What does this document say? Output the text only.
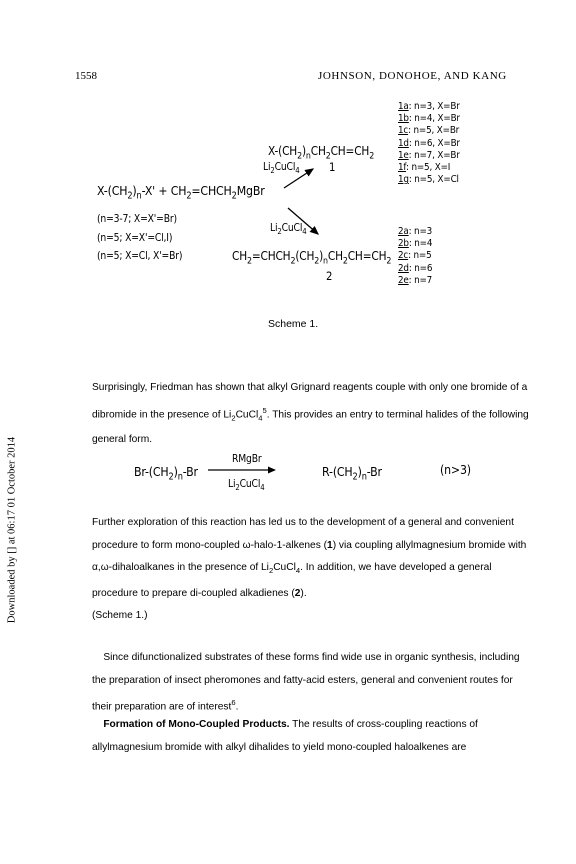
1558	JOHNSON, DONOHOE, AND KANG
Downloaded by [] at 06:17 01 October 2014
$X-(CH_2)_nCH_2CH=CH_2$
$Li_2CuCl_4$	1
$X-(CH_2)_n-X'$ + $CH_2=CHCH_2MgBr$
(n=3-7; X=X'=Br)
(n=5; X=X'=Cl,I)
(n=5; X=Cl, X'=Br)
$Li_2CuCl_4$
$CH_2=CHCH_2(CH_2)_nCH_2CH=CH_2$
2
1a: n=3, X=Br
1b: n=4, X=Br
1c: n=5, X=Br
1d: n=6, X=Br
1e: n=7, X=Br
1f: n=5, X=I
1g: n=5, X=Cl
2a: n=3
2b: n=4
2c: n=5
2d: n=6
2e: n=7
Scheme 1.

Surprisingly, Friedman has shown that alkyl Grignard reagents couple with only one bromide of a dibromide in the presence of $Li_2CuCl_4^5$. This provides an entry to terminal halides of the following general form.

$Br-(CH_2)_n-Br$
RMgBr
$Li_2CuCl_4$
$R-(CH_2)_n-Br$	(n>3)

Further exploration of this reaction has led us to the development of a general and convenient procedure to form mono-coupled ω-halo-1-alkenes (1) via coupling allylmagnesium bromide with α,ω-dihaloalkanes in the presence of $Li_2CuCl_4$. In addition, we have developed a general procedure to prepare di-coupled alkadienes (2).

(Scheme 1.)

Since difunctionalized substrates of these forms find wide use in organic synthesis, including the preparation of insect pheromones and fatty-acid esters, general and convenient routes for their preparation are of interest$^6$.

Formation of Mono-Coupled Products. The results of cross-coupling reactions of allylmagnesium bromide with alkyl dihalides to yield mono-coupled haloalkenes are
